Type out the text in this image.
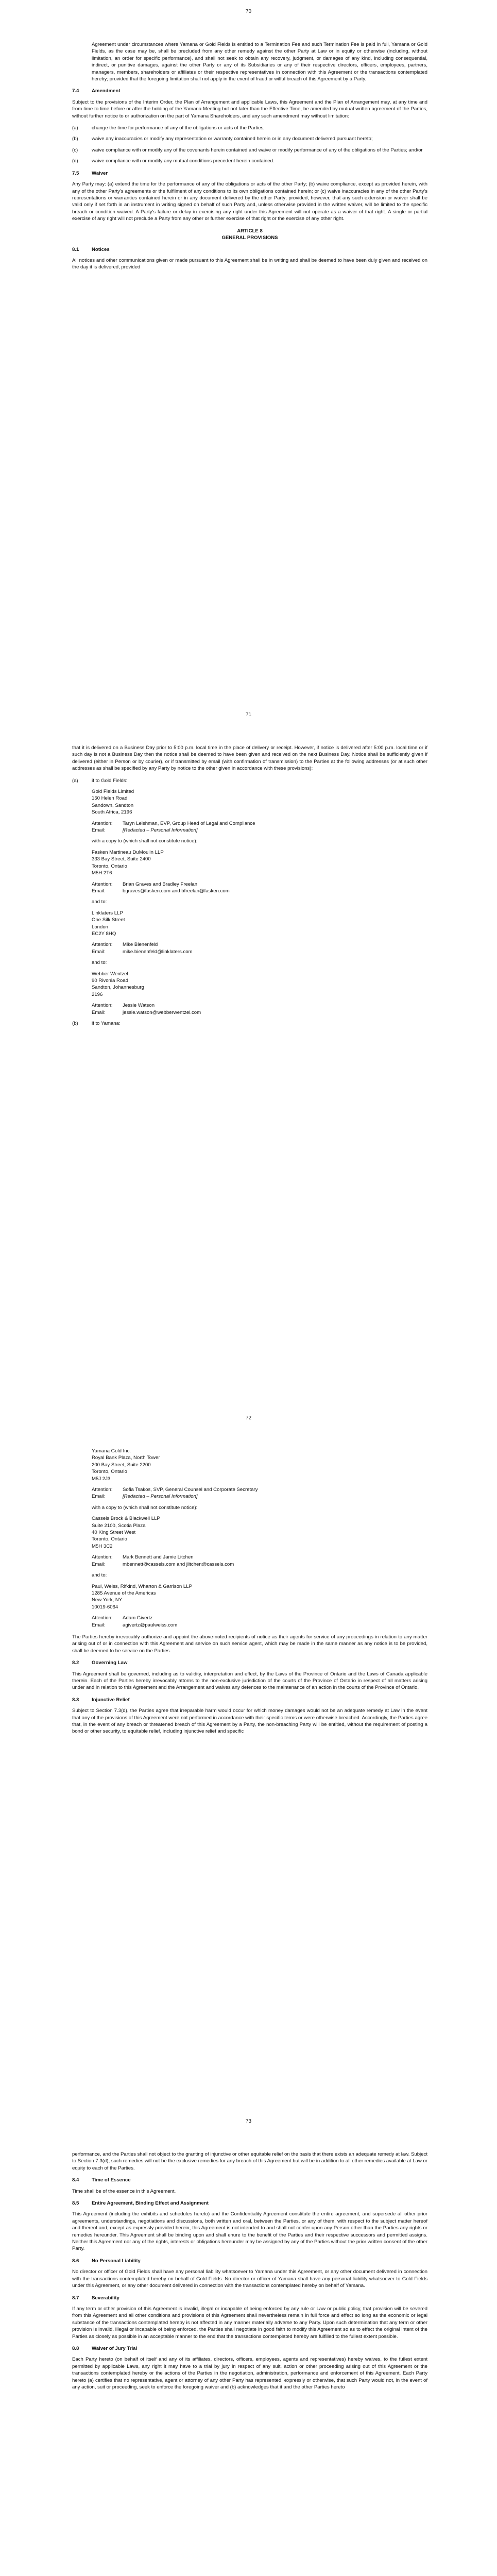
70

Agreement under circumstances where Yamana or Gold Fields is entitled to a Termination Fee and such Termination Fee is paid in full, Yamana or Gold Fields, as the case may be, shall be precluded from any other remedy against the other Party at Law or in equity or otherwise (including, without limitation, an order for specific performance), and shall not seek to obtain any recovery, judgment, or damages of any kind, including consequential, indirect, or punitive damages, against the other Party or any of its Subsidiaries or any of their respective directors, officers, employees, partners, managers, members, shareholders or affiliates or their respective representatives in connection with this Agreement or the transactions contemplated hereby; provided that the foregoing limitation shall not apply in the event of fraud or wilful breach of this Agreement by a Party.

7.4	Amendment

Subject to the provisions of the Interim Order, the Plan of Arrangement and applicable Laws, this Agreement and the Plan of Arrangement may, at any time and from time to time before or after the holding of the Yamana Meeting but not later than the Effective Time, be amended by mutual written agreement of the Parties, without further notice to or authorization on the part of Yamana Shareholders, and any such amendment may without limitation:

(a)	change the time for performance of any of the obligations or acts of the Parties;
(b)	waive any inaccuracies or modify any representation or warranty contained herein or in any document delivered pursuant hereto;
(c)	waive compliance with or modify any of the covenants herein contained and waive or modify performance of any of the obligations of the Parties; and/or
(d)	waive compliance with or modify any mutual conditions precedent herein contained.
7.5	Waiver

Any Party may: (a) extend the time for the performance of any of the obligations or acts of the other Party; (b) waive compliance, except as provided herein, with any of the other Party's agreements or the fulfilment of any conditions to its own obligations contained herein; or (c) waive inaccuracies in any of the other Party's representations or warranties contained herein or in any document delivered by the other Party; provided, however, that any such extension or waiver shall be valid only if set forth in an instrument in writing signed on behalf of such Party and, unless otherwise provided in the written waiver, will be limited to the specific breach or condition waived. A Party's failure or delay in exercising any right under this Agreement will not operate as a waiver of that right. A single or partial exercise of any right will not preclude a Party from any other or further exercise of that right or the exercise of any other right.

ARTICLE 8
GENERAL PROVISIONS
8.1	Notices

All notices and other communications given or made pursuant to this Agreement shall be in writing and shall be deemed to have been duly given and received on the day it is delivered, provided

71

that it is delivered on a Business Day prior to 5:00 p.m. local time in the place of delivery or receipt. However, if notice is delivered after 5:00 p.m. local time or if such day is not a Business Day then the notice shall be deemed to have been given and received on the next Business Day. Notice shall be sufficiently given if delivered (either in Person or by courier), or if transmitted by email (with confirmation of transmission) to the Parties at the following addresses (or at such other addresses as shall be specified by any Party by notice to the other given in accordance with these provisions):

(a)	if to Gold Fields:
Gold Fields Limited
150 Helen Road
Sandown, Sandton
South Africa, 2196
Attention:	Taryn Leishman, EVP, Group Head of Legal and Compliance
Email:	[Redacted – Personal Information]
with a copy to (which shall not constitute notice):
Fasken Martineau DuMoulin LLP
333 Bay Street, Suite 2400
Toronto, Ontario
M5H 2T6
Attention:	Brian Graves and Bradley Freelan
Email:	bgraves@fasken.com and bfreelan@fasken.com
and to:
Linklaters LLP
One Silk Street
London
EC2Y 8HQ
Attention:	Mike Bienenfeld
Email:	mike.bienenfeld@linklaters.com
and to:
Webber Wentzel
90 Rivonia Road
Sandton, Johannesburg
2196
Attention:	Jessie Watson
Email:	jessie.watson@webberwentzel.com
(b)	if to Yamana:
72
Yamana Gold Inc.
Royal Bank Plaza, North Tower
200 Bay Street, Suite 2200
Toronto, Ontario
M5J 2J3
Attention:	Sofia Tsakos, SVP, General Counsel and Corporate Secretary
Email:	[Redacted – Personal Information]
with a copy to (which shall not constitute notice):
Cassels Brock & Blackwell LLP
Suite 2100, Scotia Plaza
40 King Street West
Toronto, Ontario
M5H 3C2
Attention:	Mark Bennett and Jamie Litchen
Email:	mbennett@cassels.com and jlitchen@cassels.com
and to:
Paul, Weiss, Rifkind, Wharton & Garrison LLP
1285 Avenue of the Americas
New York, NY
10019-6064
Attention:	Adam Givertz
Email:	agivertz@paulweiss.com

The Parties hereby irrevocably authorize and appoint the above-noted recipients of notice as their agents for service of any proceedings in relation to any matter arising out of or in connection with this Agreement and service on such service agent, which may be made in the same manner as any notice is to be provided, shall be deemed to be service on the Parties.

8.2	Governing Law

This Agreement shall be governed, including as to validity, interpretation and effect, by the Laws of the Province of Ontario and the Laws of Canada applicable therein. Each of the Parties hereby irrevocably attorns to the non-exclusive jurisdiction of the courts of the Province of Ontario in respect of all matters arising under and in relation to this Agreement and the Arrangement and waives any defences to the maintenance of an action in the courts of the Province of Ontario.

8.3	Injunctive Relief

Subject to Section 7.3(d), the Parties agree that irreparable harm would occur for which money damages would not be an adequate remedy at Law in the event that any of the provisions of this Agreement were not performed in accordance with their specific terms or were otherwise breached. Accordingly, the Parties agree that, in the event of any breach or threatened breach of this Agreement by a Party, the non-breaching Party will be entitled, without the requirement of posting a bond or other security, to equitable relief, including injunctive relief and specific

73

performance, and the Parties shall not object to the granting of injunctive or other equitable relief on the basis that there exists an adequate remedy at law. Subject to Section 7.3(d), such remedies will not be the exclusive remedies for any breach of this Agreement but will be in addition to all other remedies available at Law or equity to each of the Parties.

8.4	Time of Essence

Time shall be of the essence in this Agreement.

8.5	Entire Agreement, Binding Effect and Assignment

This Agreement (including the exhibits and schedules hereto) and the Confidentiality Agreement constitute the entire agreement, and supersede all other prior agreements, understandings, negotiations and discussions, both written and oral, between the Parties, or any of them, with respect to the subject matter hereof and thereof and, except as expressly provided herein, this Agreement is not intended to and shall not confer upon any Person other than the Parties any rights or remedies hereunder. This Agreement shall be binding upon and shall enure to the benefit of the Parties and their respective successors and permitted assigns. Neither this Agreement nor any of the rights, interests or obligations hereunder may be assigned by any of the Parties without the prior written consent of the other Party.

8.6	No Personal Liability

No director or officer of Gold Fields shall have any personal liability whatsoever to Yamana under this Agreement, or any other document delivered in connection with the transactions contemplated hereby on behalf of Gold Fields. No director or officer of Yamana shall have any personal liability whatsoever to Gold Fields under this Agreement, or any other document delivered in connection with the transactions contemplated hereby on behalf of Yamana.

8.7	Severability

If any term or other provision of this Agreement is invalid, illegal or incapable of being enforced by any rule or Law or public policy, that provision will be severed from this Agreement and all other conditions and provisions of this Agreement shall nevertheless remain in full force and effect so long as the economic or legal substance of the transactions contemplated hereby is not affected in any manner materially adverse to any Party. Upon such determination that any term or other provision is invalid, illegal or incapable of being enforced, the Parties shall negotiate in good faith to modify this Agreement so as to effect the original intent of the Parties as closely as possible in an acceptable manner to the end that the transactions contemplated hereby are fulfilled to the fullest extent possible.

8.8	Waiver of Jury Trial

Each Party hereto (on behalf of itself and any of its affiliates, directors, officers, employees, agents and representatives) hereby waives, to the fullest extent permitted by applicable Laws, any right it may have to a trial by jury in respect of any suit, action or other proceeding arising out of this Agreement or the transactions contemplated hereby or the actions of the Parties in the negotiation, administration, performance and enforcement of this Agreement. Each Party hereto (a) certifies that no representative, agent or attorney of any other Party has represented, expressly or otherwise, that such Party would not, in the event of any action, suit or proceeding, seek to enforce the foregoing waiver and (b) acknowledges that it and the other Parties hereto
